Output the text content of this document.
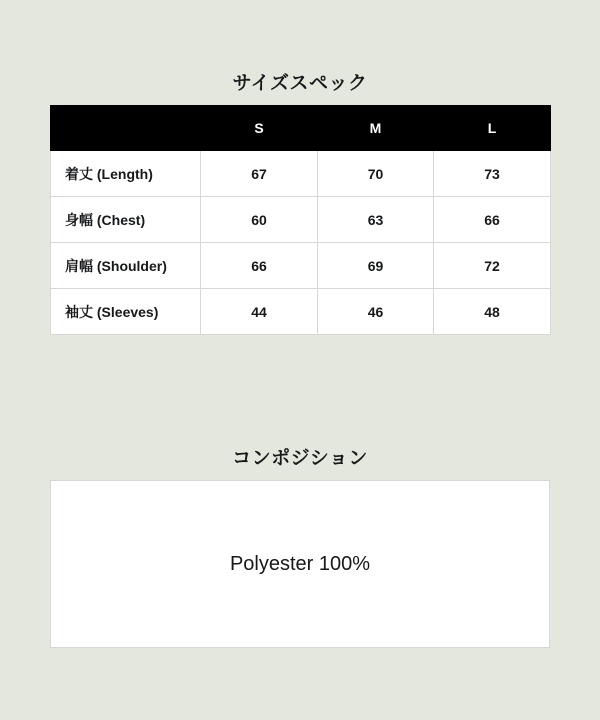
サイズスペック
	S	M	L
着丈 (Length)	67	70	73
身幅 (Chest)	60	63	66
肩幅 (Shoulder)	66	69	72
袖丈 (Sleeves)	44	46	48
コンポジション
Polyester 100%
